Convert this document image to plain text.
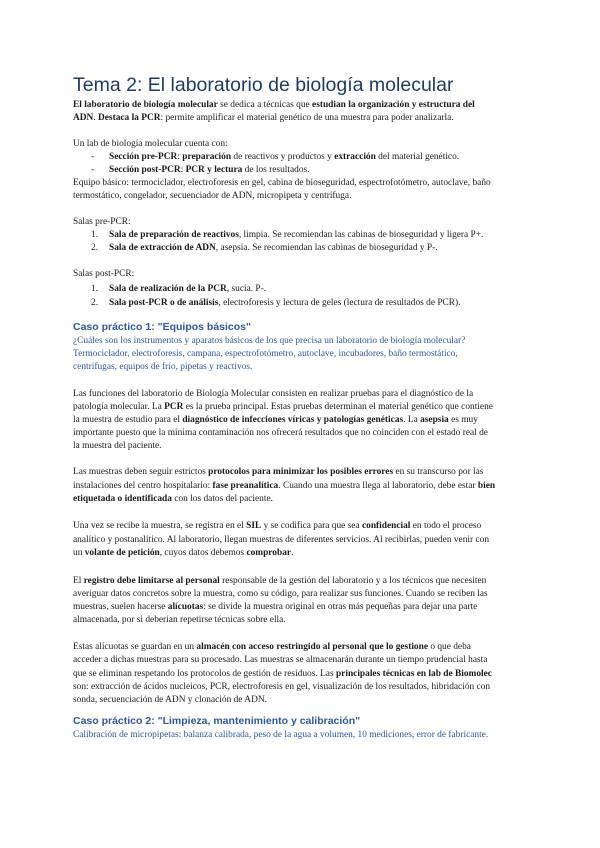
Tema 2: El laboratorio de biología molecular

El laboratorio de biología molecular se dedica a técnicas que estudian la organización y estructura del

ADN. Destaca la PCR: permite amplificar el material genético de una muestra para poder analizarla.

Un lab de biología molecular cuenta con:

- Sección pre-PCR: preparación de reactivos y productos y extracción del material genético.

- Sección post-PCR: PCR y lectura de los resultados.

Equipo básico: termociclador, electroforesis en gel, cabina de bioseguridad, espectrofotómetro, autoclave, baño

termostático, congelador, secuenciador de ADN, micropipeta y centrífuga.

Salas pre-PCR:

1. Sala de preparación de reactivos, limpia. Se recomiendan las cabinas de bioseguridad y ligera P+.

2. Sala de extracción de ADN, asepsia. Se recomiendan las cabinas de bioseguridad y P-.

Salas post-PCR:

1. Sala de realización de la PCR, sucia. P-.

2. Sala post-PCR o de análisis, electroforesis y lectura de geles (lectura de resultados de PCR).

Caso práctico 1: "Equipos básicos"

¿Cuáles son los instrumentos y aparatos básicos de los que precisa un laboratorio de biología molecular?

Termociclador, electroforesis, campana, espectrofotómetro, autoclave, incubadores, baño termostático,

centrífugas, equipos de frío, pipetas y reactivos.

Las funciones del laboratorio de Biología Molecular consisten en realizar pruebas para el diagnóstico de la

patología molecular. La PCR es la prueba principal. Estas pruebas determinan el material genético que contiene

la muestra de estudio para el diagnóstico de infecciones víricas y patologías genéticas. La asepsia es muy

importante puesto que la mínima contaminación nos ofrecerá resultados que no coinciden con el estado real de

la muestra del paciente.

Las muestras deben seguir estrictos protocolos para minimizar los posibles errores en su transcurso por las

instalaciones del centro hospitalario: fase preanalítica. Cuando una muestra llega al laboratorio, debe estar bien

etiquetada o identificada con los datos del paciente.

Una vez se recibe la muestra, se registra en el SIL y se codifica para que sea confidencial en todo el proceso

analítico y postanalítico. Al laboratorio, llegan muestras de diferentes servicios. Al recibirlas, pueden venir con

un volante de petición, cuyos datos debemos comprobar.

El registro debe limitarse al personal responsable de la gestión del laboratorio y a los técnicos que necesiten

averiguar datos concretos sobre la muestra, como su código, para realizar sus funciones. Cuando se reciben las

muestras, suelen hacerse alícuotas: se divide la muestra original en otras más pequeñas para dejar una parte

almacenada, por si deberían repetirse técnicas sobre ella.

Estas alícuotas se guardan en un almacén con acceso restringido al personal que lo gestione o que deba

acceder a dichas muestras para su procesado. Las muestras se almacenarán durante un tiempo prudencial hasta

que se eliminan respetando los protocolos de gestión de residuos. Las principales técnicas en lab de Biomolec

son: extracción de ácidos nucleicos, PCR, electroforesis en gel, visualización de los resultados, hibridación con

sonda, secuenciación de ADN y clonación de ADN.

Caso práctico 2: "Limpieza, mantenimiento y calibración"

Calibración de micropipetas: balanza calibrada, peso de la agua a volumen, 10 mediciones, error de fabricante.
